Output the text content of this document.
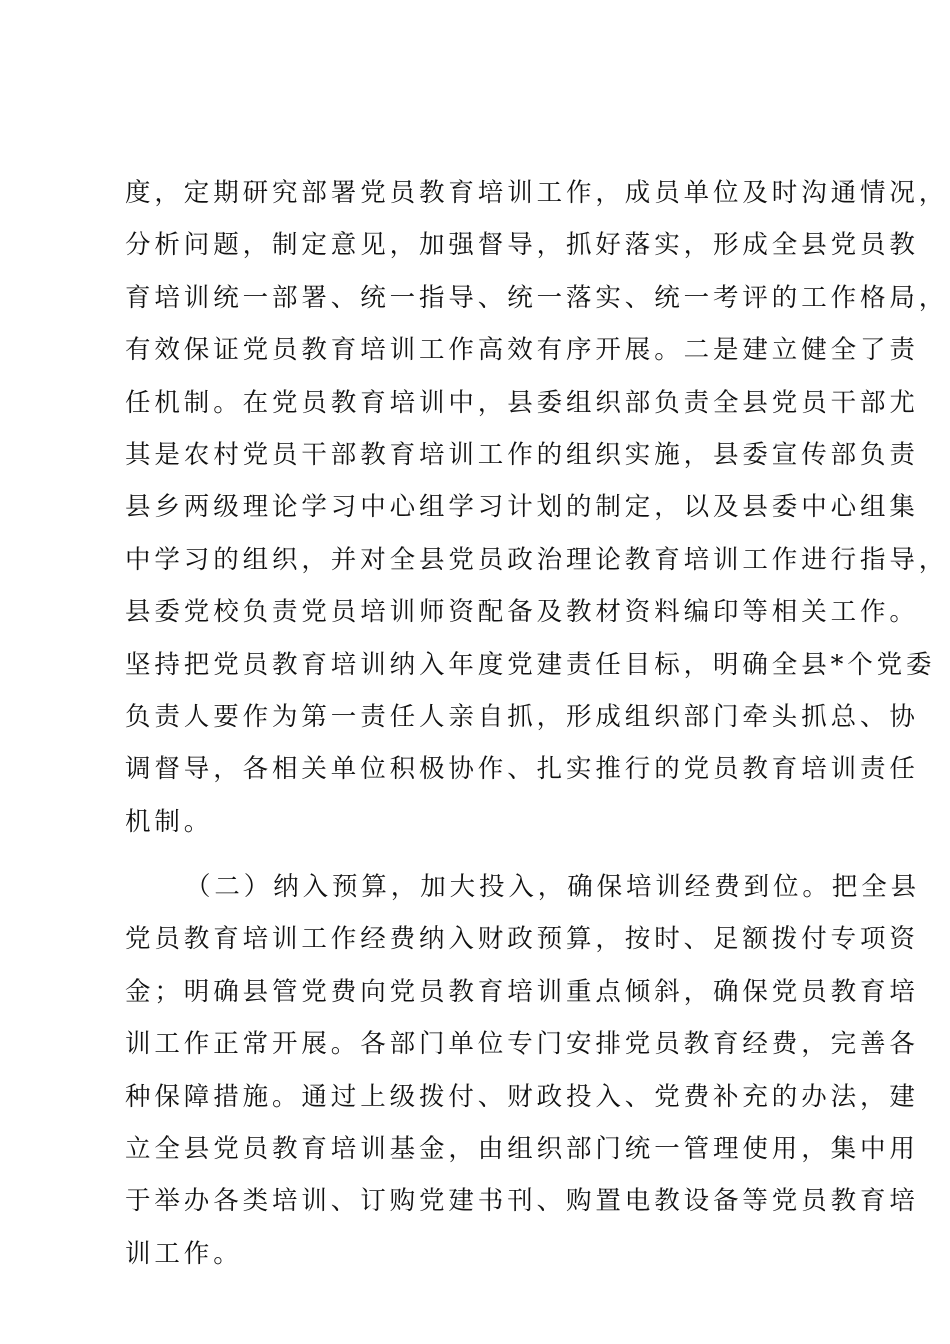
度，定期研究部署党员教育培训工作，成员单位及时沟通情况，
分析问题，制定意见，加强督导，抓好落实，形成全县党员教
育培训统一部署、统一指导、统一落实、统一考评的工作格局，
有效保证党员教育培训工作高效有序开展。二是建立健全了责
任机制。在党员教育培训中，县委组织部负责全县党员干部尤
其是农村党员干部教育培训工作的组织实施，县委宣传部负责
县乡两级理论学习中心组学习计划的制定，以及县委中心组集
中学习的组织，并对全县党员政治理论教育培训工作进行指导，
县委党校负责党员培训师资配备及教材资料编印等相关工作。
坚持把党员教育培训纳入年度党建责任目标，明确全县*个党委
负责人要作为第一责任人亲自抓，形成组织部门牵头抓总、协
调督导，各相关单位积极协作、扎实推行的党员教育培训责任
机制。
（二）纳入预算，加大投入，确保培训经费到位。把全县
党员教育培训工作经费纳入财政预算，按时、足额拨付专项资
金；明确县管党费向党员教育培训重点倾斜，确保党员教育培
训工作正常开展。各部门单位专门安排党员教育经费，完善各
种保障措施。通过上级拨付、财政投入、党费补充的办法，建
立全县党员教育培训基金，由组织部门统一管理使用，集中用
于举办各类培训、订购党建书刊、购置电教设备等党员教育培
训工作。
